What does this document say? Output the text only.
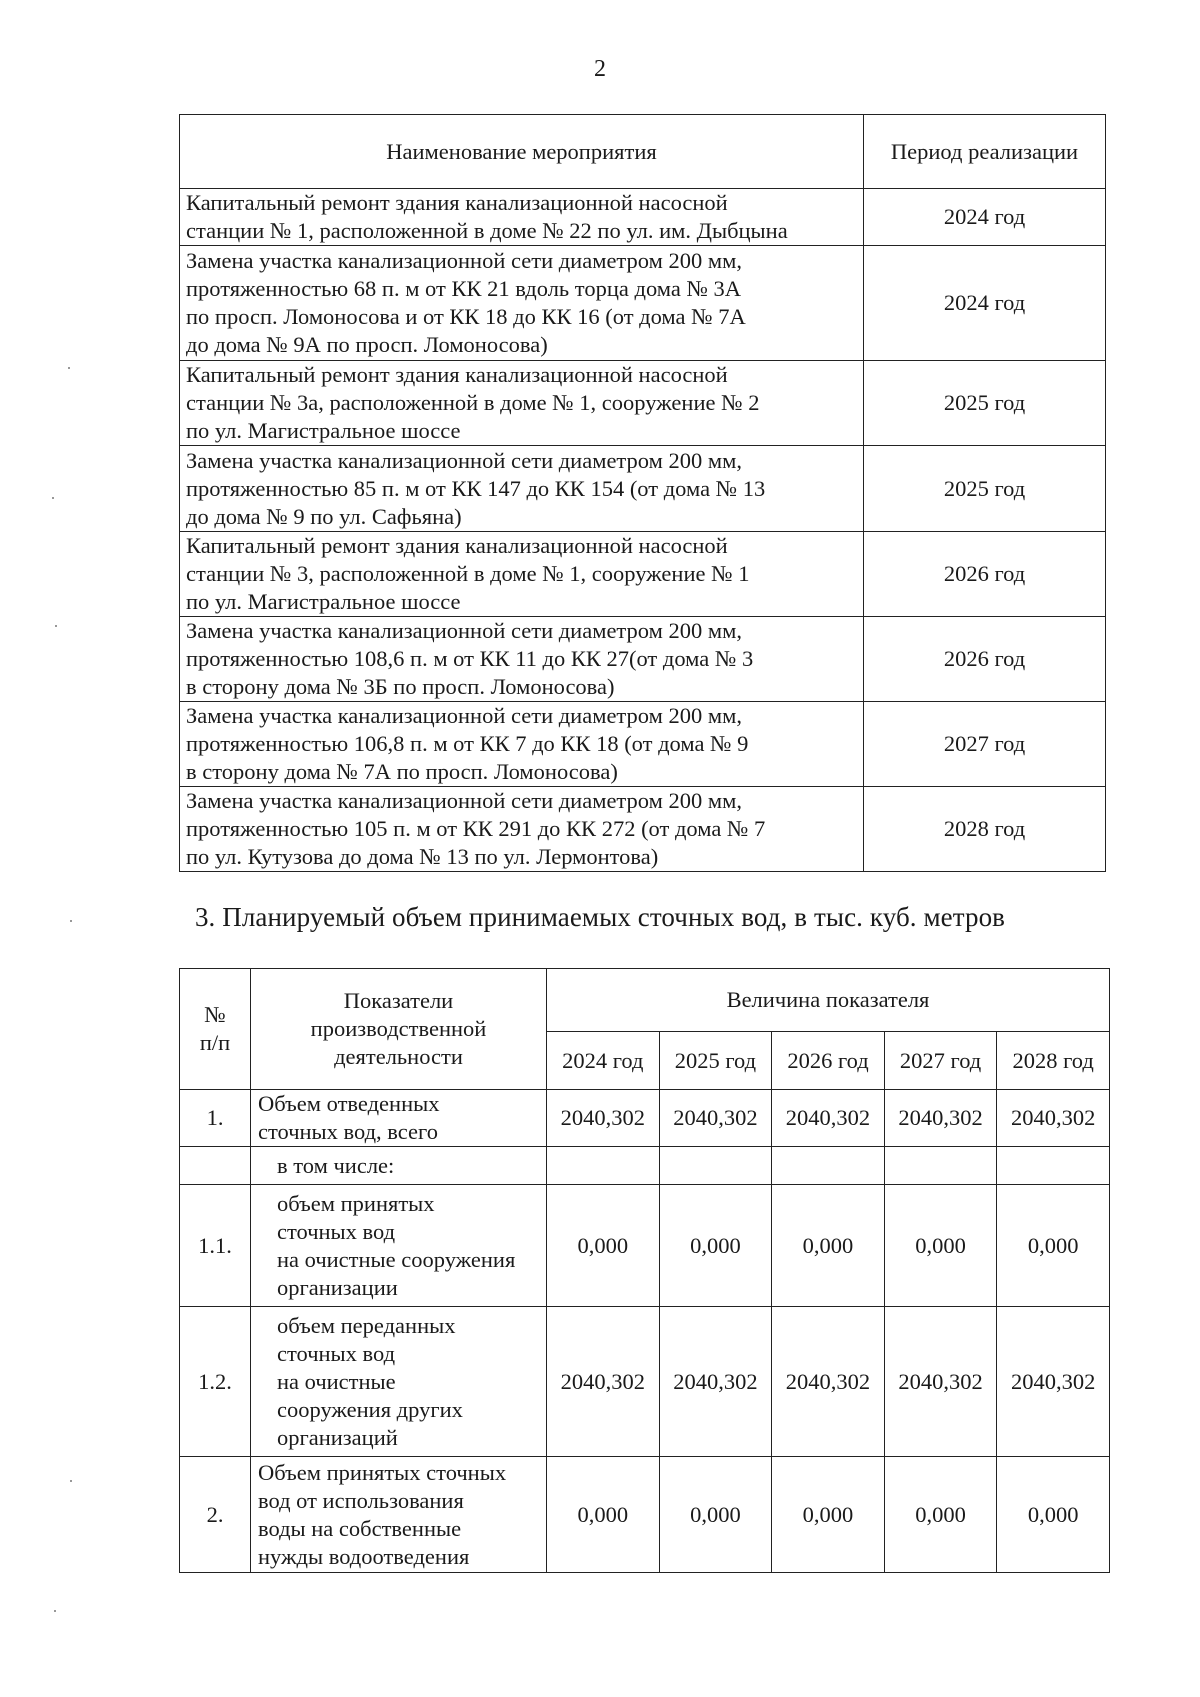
2
Наименование мероприятия	Период реализации
Капитальный ремонт здания канализационной насосной
станции № 1, расположенной в доме № 22 по ул. им. Дыбцына	2024 год
Замена участка канализационной сети диаметром 200 мм,
протяженностью 68 п. м от КК 21 вдоль торца дома № 3А
по просп. Ломоносова и от КК 18 до КК 16 (от дома № 7А
до дома № 9А по просп. Ломоносова)	2024 год
Капитальный ремонт здания канализационной насосной
станции № 3а, расположенной в доме № 1, сооружение № 2
по ул. Магистральное шоссе	2025 год
Замена участка канализационной сети диаметром 200 мм,
протяженностью 85 п. м от КК 147 до КК 154 (от дома № 13
до дома № 9 по ул. Сафьяна)	2025 год
Капитальный ремонт здания канализационной насосной
станции № 3, расположенной в доме № 1, сооружение № 1
по ул. Магистральное шоссе	2026 год
Замена участка канализационной сети диаметром 200 мм,
протяженностью 108,6 п. м от КК 11 до КК 27(от дома № 3
в сторону дома № 3Б по просп. Ломоносова)	2026 год
Замена участка канализационной сети диаметром 200 мм,
протяженностью 106,8 п. м от КК 7 до КК 18 (от дома № 9
в сторону дома № 7А по просп. Ломоносова)	2027 год
Замена участка канализационной сети диаметром 200 мм,
протяженностью 105 п. м от КК 291 до КК 272 (от дома № 7
по ул. Кутузова до дома № 13 по ул. Лермонтова)	2028 год
3. Планируемый объем принимаемых сточных вод, в тыс. куб. метров
№
п/п	Показатели
производственной
деятельности	Величина показателя				
		2024 год	2025 год	2026 год	2027 год	2028 год
1.	Объем отведенных
сточных вод, всего	2040,302	2040,302	2040,302	2040,302	2040,302
	в том числе:					
1.1.	объем принятых
сточных вод
на очистные сооружения
организации	0,000	0,000	0,000	0,000	0,000
1.2.	объем переданных
сточных вод
на очистные
сооружения других
организаций	2040,302	2040,302	2040,302	2040,302	2040,302
2.	Объем принятых сточных
вод от использования
воды на собственные
нужды водоотведения	0,000	0,000	0,000	0,000	0,000
